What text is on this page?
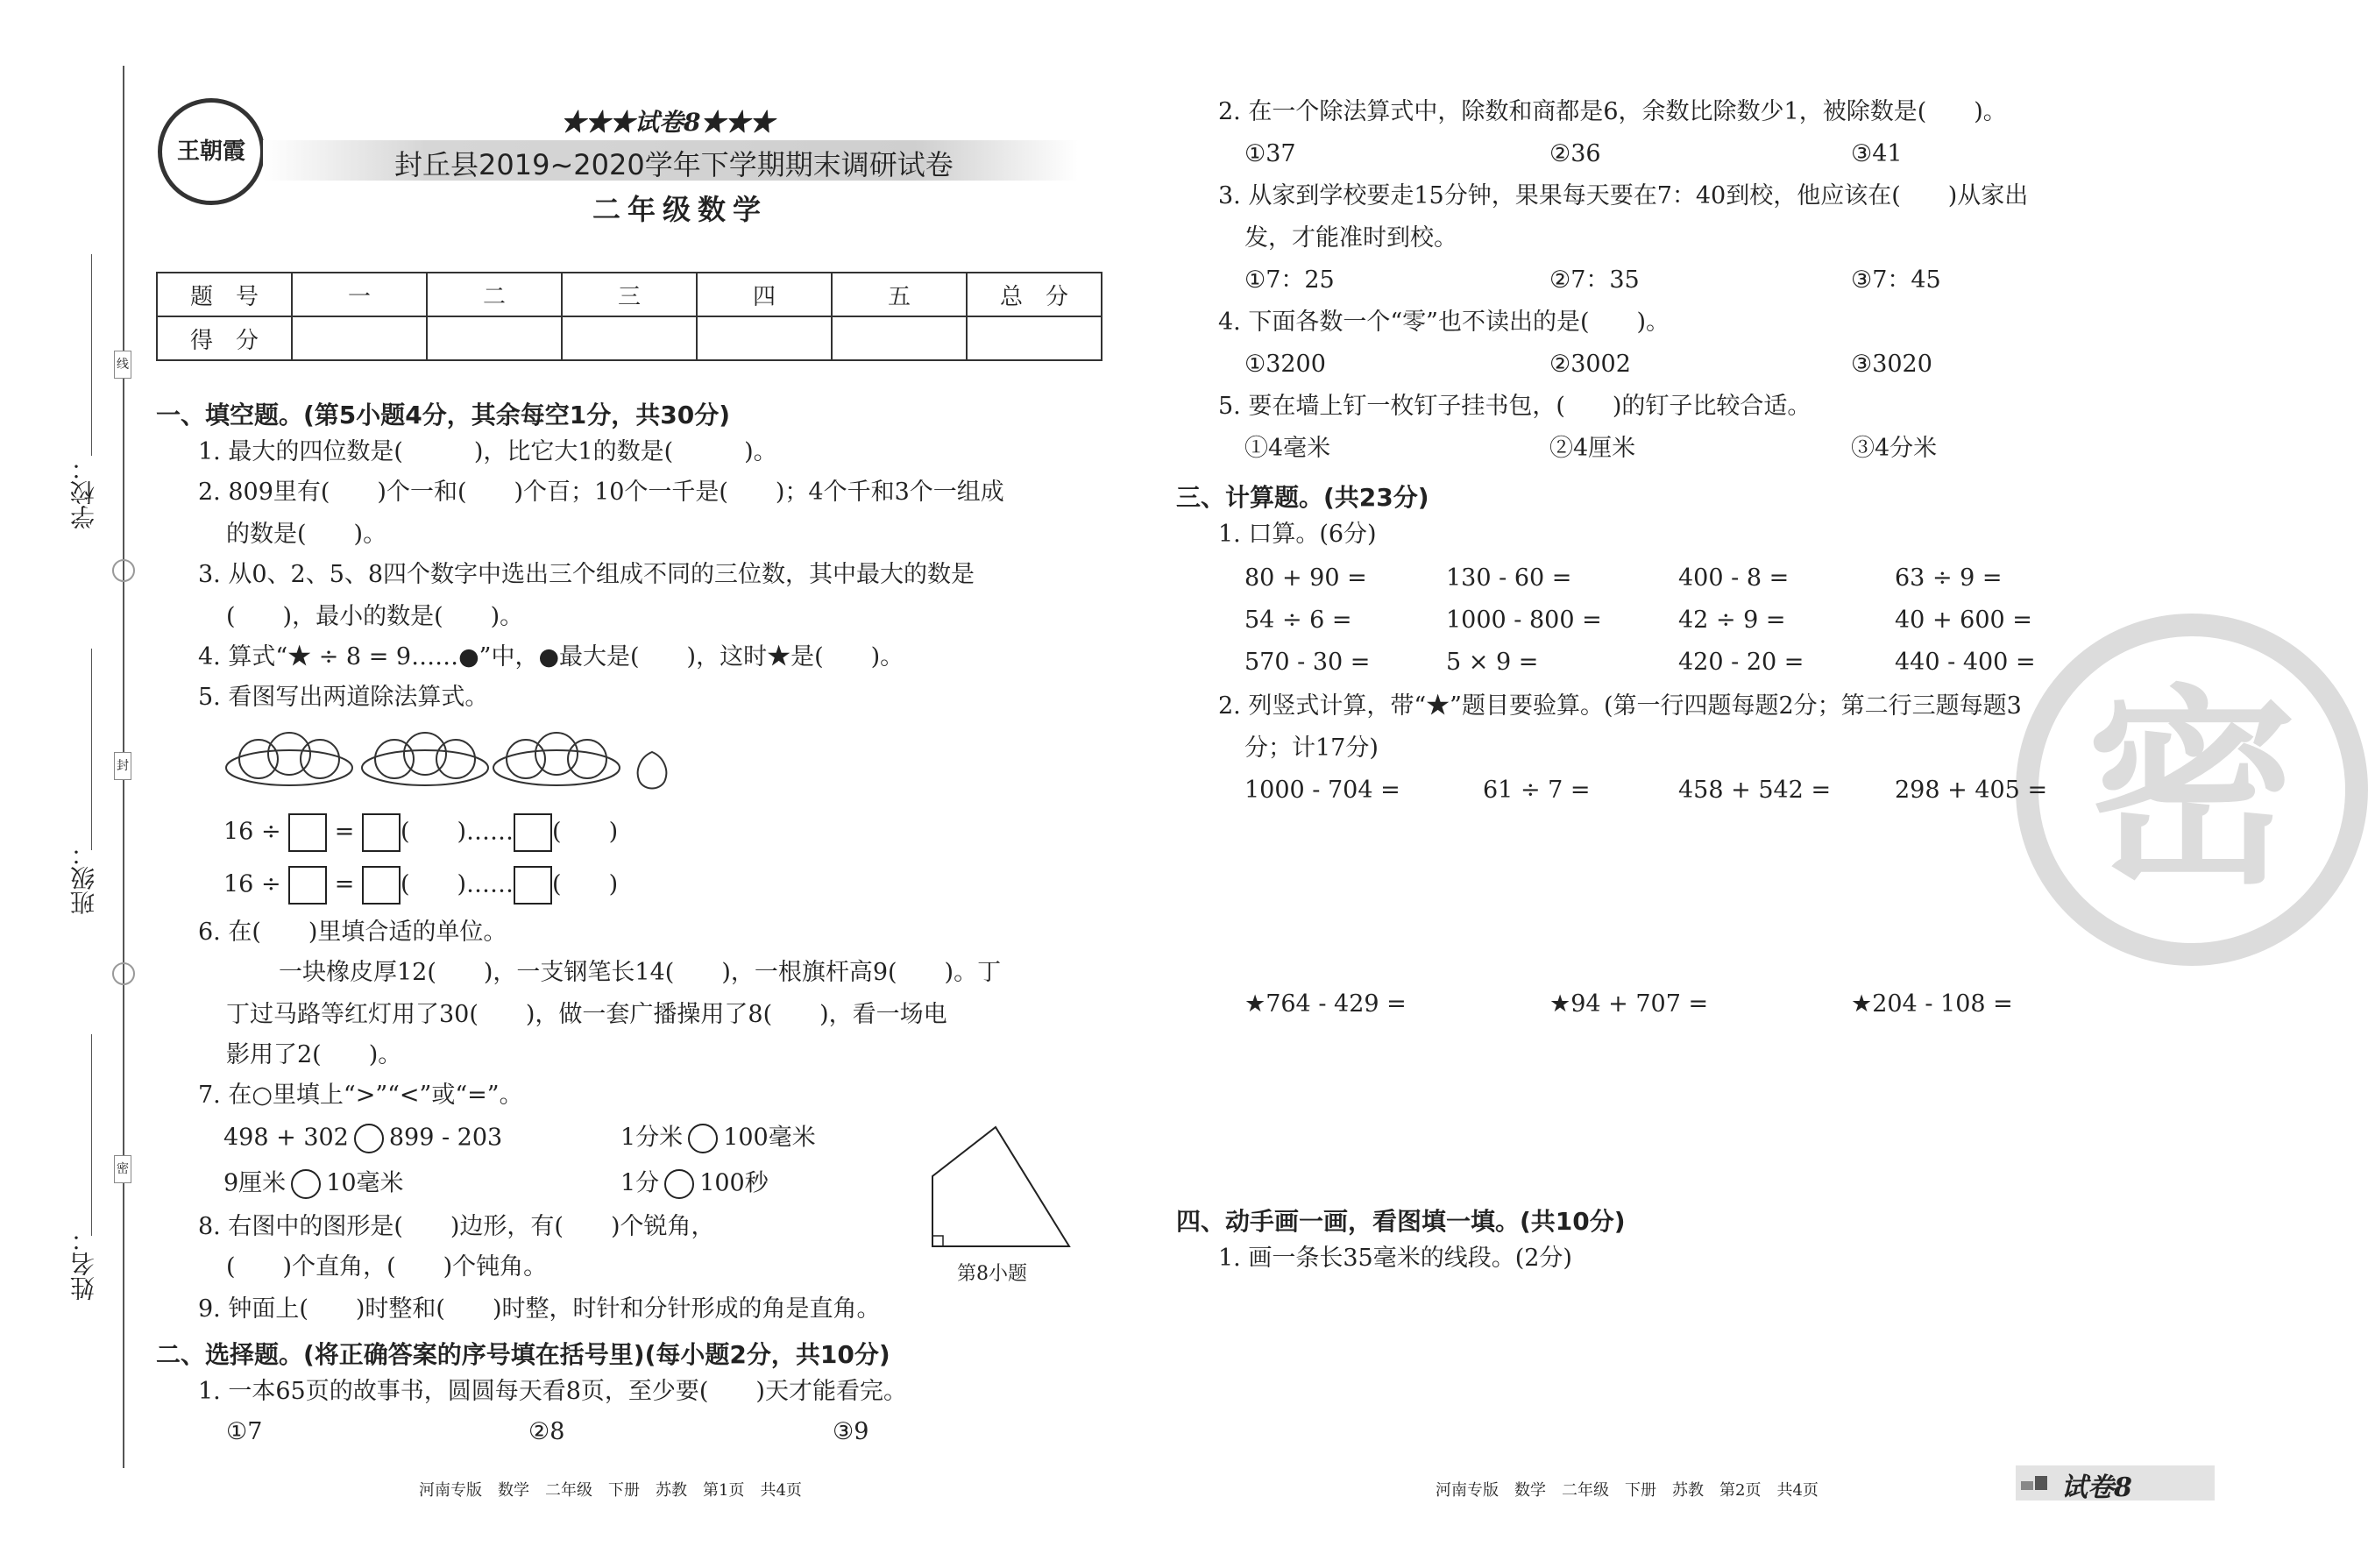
线
封
密
学校：
班级：
姓名：
王朝霞
★★★试卷8★★★
封丘县2019~2020学年下学期期末调研试卷
二年级数学
题　号	一	二	三	四	五	总　分
得　分						
一、填空题。(第5小题4分，其余每空1分，共30分)
1. 最大的四位数是(　　　)，比它大1的数是(　　　)。
2. 809里有(　　)个一和(　　)个百；10个一千是(　　)；4个千和3个一组成
的数是(　　)。
3. 从0、2、5、8四个数字中选出三个组成不同的三位数，其中最大的数是
(　　)，最小的数是(　　)。
4. 算式“★ ÷ 8 = 9……●”中，●最大是(　　)，这时★是(　　)。
5. 看图写出两道除法算式。
16 ÷ = (　　)…… (　　)
16 ÷ = (　　)…… (　　)
6. 在(　　)里填合适的单位。
一块橡皮厚12(　　)，一支钢笔长14(　　)，一根旗杆高9(　　)。丁
丁过马路等红灯用了30(　　)，做一套广播操用了8(　　)，看一场电
影用了2(　　)。
7. 在○里填上“>”“<”或“=”。
498 + 302 899 - 203	1分米 100毫米
9厘米 10毫米	1分 100秒
第8小题
8. 右图中的图形是(　　)边形，有(　　)个锐角，
(　　)个直角，(　　)个钝角。
9. 钟面上(　　)时整和(　　)时整，时针和分针形成的角是直角。
二、选择题。(将正确答案的序号填在括号里)(每小题2分，共10分)
1. 一本65页的故事书，圆圆每天看8页，至少要(　　)天才能看完。
①7	②8	③9
河南专版　数学　二年级　下册　苏教　第1页　共4页
2. 在一个除法算式中，除数和商都是6，余数比除数少1，被除数是(　　)。
①37	②36	③41
3. 从家到学校要走15分钟，果果每天要在7：40到校，他应该在(　　)从家出
发，才能准时到校。
①7：25	②7：35	③7：45
4. 下面各数一个“零”也不读出的是(　　)。
①3200	②3002	③3020
5. 要在墙上钉一枚钉子挂书包，(　　)的钉子比较合适。
①4毫米	②4厘米	③4分米
密
三、计算题。(共23分)
1. 口算。(6分)
80 + 90 =	130 - 60 =	400 - 8 =	63 ÷ 9 =
54 ÷ 6 =	1000 - 800 =	42 ÷ 9 =	40 + 600 =
570 - 30 =	5 × 9 =	420 - 20 =	440 - 400 =
2. 列竖式计算，带“★”题目要验算。(第一行四题每题2分；第二行三题每题3
分；计17分)
1000 - 704 =	61 ÷ 7 =	458 + 542 =	298 + 405 =
★764 - 429 =	★94 + 707 =	★204 - 108 =
四、动手画一画，看图填一填。(共10分)
1. 画一条长35毫米的线段。(2分)
河南专版　数学　二年级　下册　苏教　第2页　共4页	试卷8
